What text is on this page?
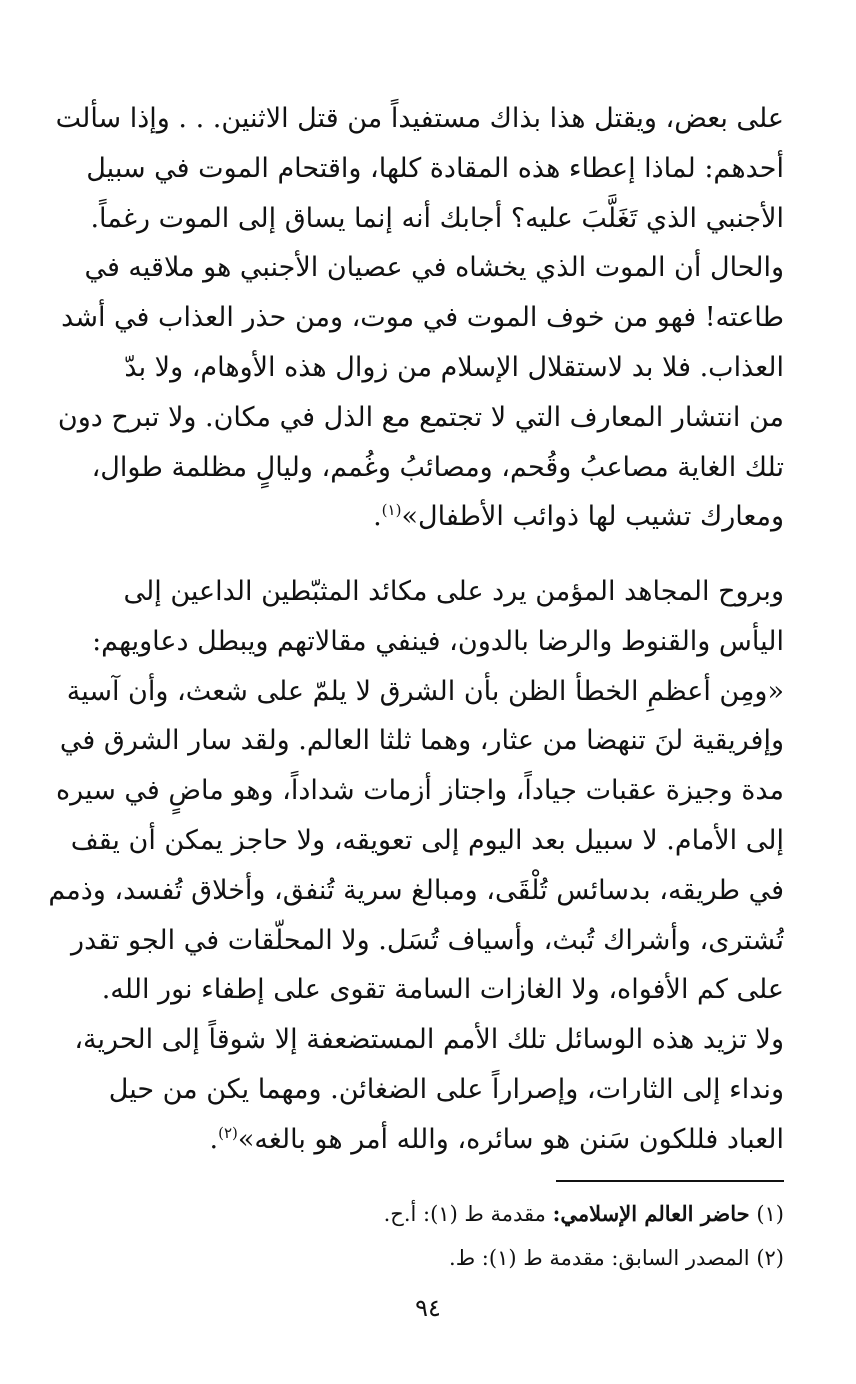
على بعض، ويقتل هذا بذاك مستفيداً من قتل الاثنين. . . وإذا سألت
أحدهم: لماذا إعطاء هذه المقادة كلها، واقتحام الموت في سبيل
الأجنبي الذي تَغَلَّبَ عليه؟ أجابك أنه إنما يساق إلى الموت رغماً.
والحال أن الموت الذي يخشاه في عصيان الأجنبي هو ملاقيه في
طاعته! فهو من خوف الموت في موت، ومن حذر العذاب في أشد
العذاب. فلا بد لاستقلال الإسلام من زوال هذه الأوهام، ولا بدّ
من انتشار المعارف التي لا تجتمع مع الذل في مكان. ولا تبرح دون
تلك الغاية مصاعبُ وقُحم، ومصائبُ وغُمم، وليالٍ مظلمة طوال،
ومعارك تشيب لها ذوائب الأطفال»$^{(١)}$.
وبروح المجاهد المؤمن يرد على مكائد المثبّطين الداعين إلى
اليأس والقنوط والرضا بالدون، فينفي مقالاتهم ويبطل دعاويهم:
«ومِن أعظمِ الخطأ الظن بأن الشرق لا يلمّ على شعث، وأن آسية
وإفريقية لنَ تنهضا من عثار، وهما ثلثا العالم. ولقد سار الشرق في
مدة وجيزة عقبات جياداً، واجتاز أزمات شداداً، وهو ماضٍ في سيره
إلى الأمام. لا سبيل بعد اليوم إلى تعويقه، ولا حاجز يمكن أن يقف
في طريقه، بدسائس تُلْقَى، ومبالغ سرية تُنفق، وأخلاق تُفسد، وذمم
تُشترى، وأشراك تُبث، وأسياف تُسَل. ولا المحلّقات في الجو تقدر
على كم الأفواه، ولا الغازات السامة تقوى على إطفاء نور الله.
ولا تزيد هذه الوسائل تلك الأمم المستضعفة إلا شوقاً إلى الحرية،
ونداء إلى الثارات، وإصراراً على الضغائن. ومهما يكن من حيل
العباد فللكون سَنن هو سائره، والله أمر هو بالغه»$^{(٢)}$.
(١) حاضر العالم الإسلامي: مقدمة ط (١): أ.ح.
(٢) المصدر السابق: مقدمة ط (١): ط.
٩٤
